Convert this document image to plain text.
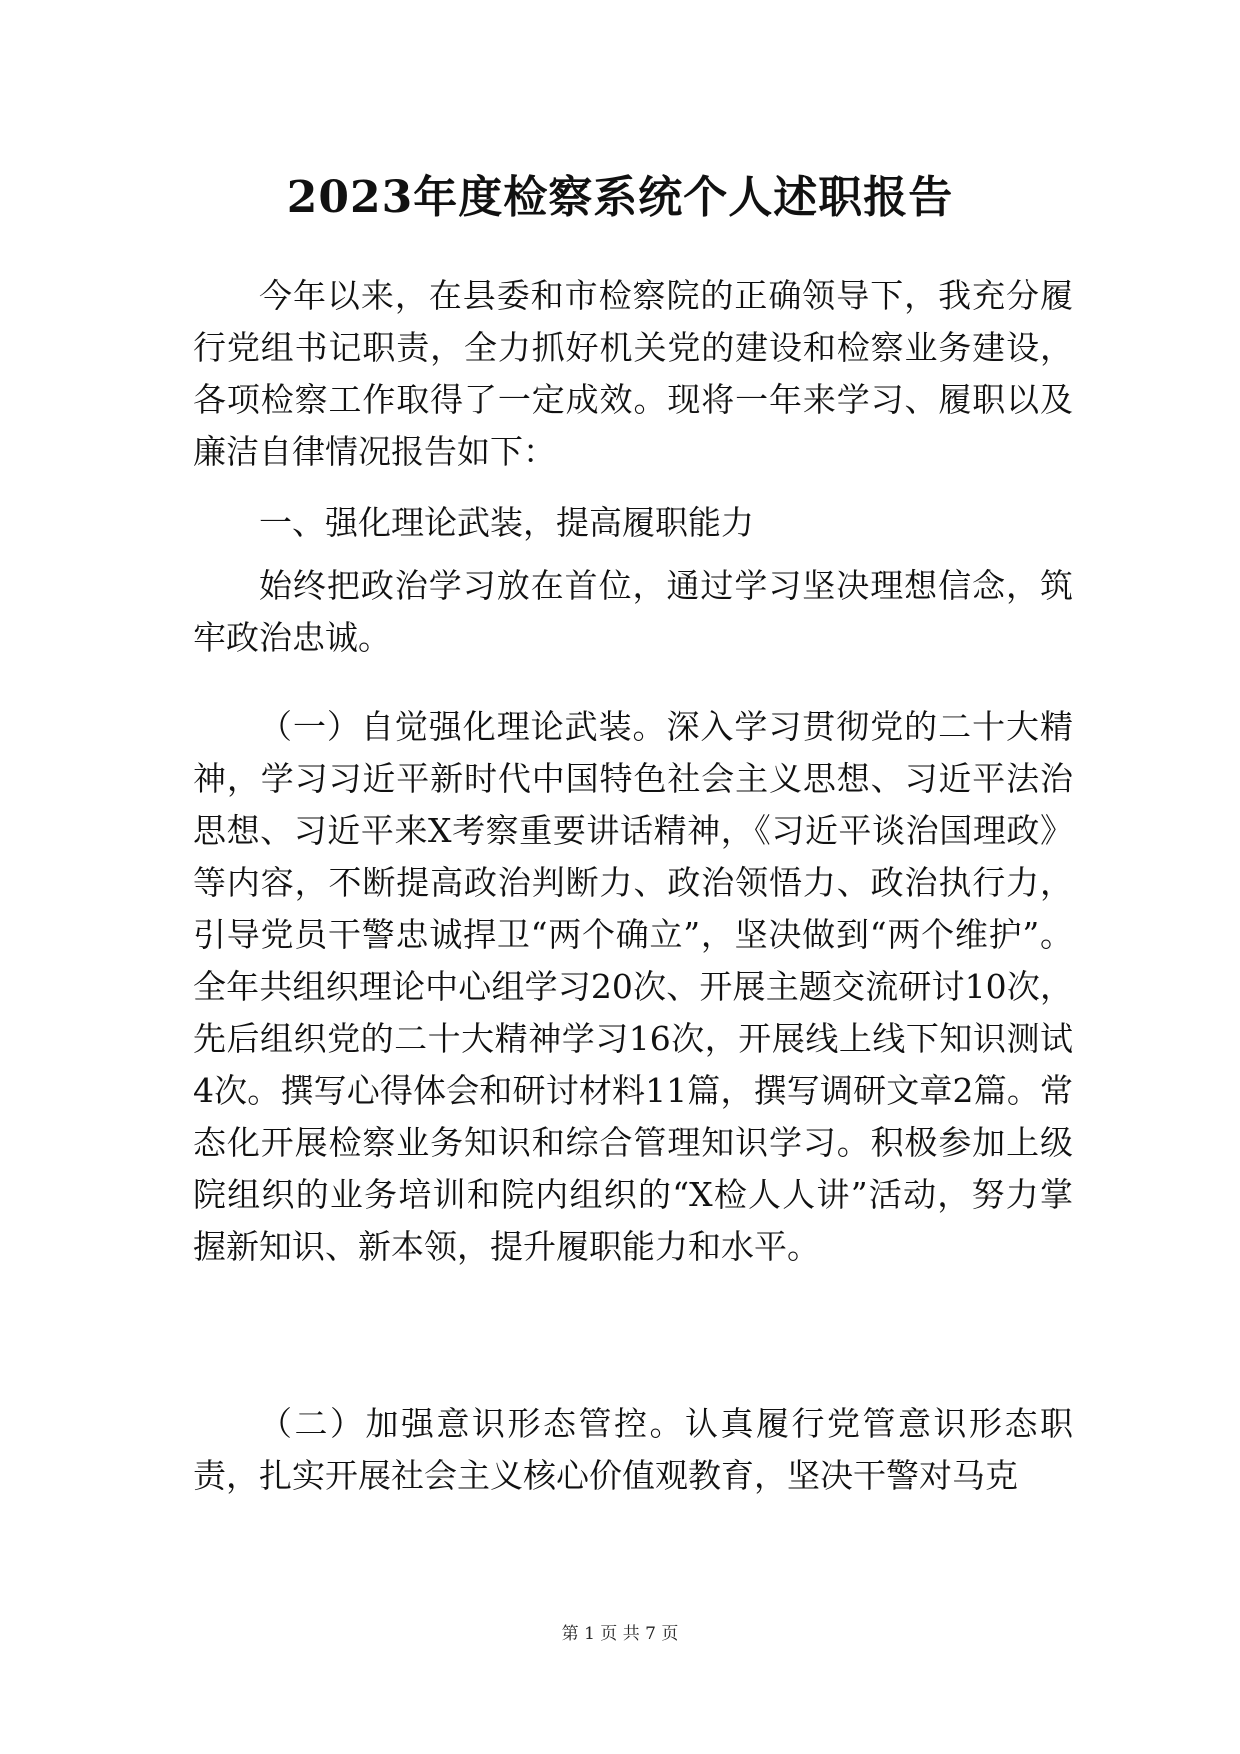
2023年度检察系统个人述职报告

今年以来，在县委和市检察院的正确领导下，我充分履行党组书记职责，全力抓好机关党的建设和检察业务建设，各项检察工作取得了一定成效。现将一年来学习、履职以及廉洁自律情况报告如下：

一、强化理论武装，提高履职能力

始终把政治学习放在首位，通过学习坚决理想信念，筑牢政治忠诚。

（一）自觉强化理论武装。深入学习贯彻党的二十大精神，学习习近平新时代中国特色社会主义思想、习近平法治思想、习近平来X考察重要讲话精神，《习近平谈治国理政》等内容，不断提高政治判断力、政治领悟力、政治执行力，引导党员干警忠诚捍卫“两个确立”，坚决做到“两个维护”。全年共组织理论中心组学习20次、开展主题交流研讨10次，先后组织党的二十大精神学习16次，开展线上线下知识测试4次。撰写心得体会和研讨材料11篇，撰写调研文章2篇。常态化开展检察业务知识和综合管理知识学习。积极参加上级院组织的业务培训和院内组织的“X检人人讲”活动，努力掌握新知识、新本领，提升履职能力和水平。

（二）加强意识形态管控。认真履行党管意识形态职责，扎实开展社会主义核心价值观教育，坚决干警对马克

第 1 页 共 7 页
